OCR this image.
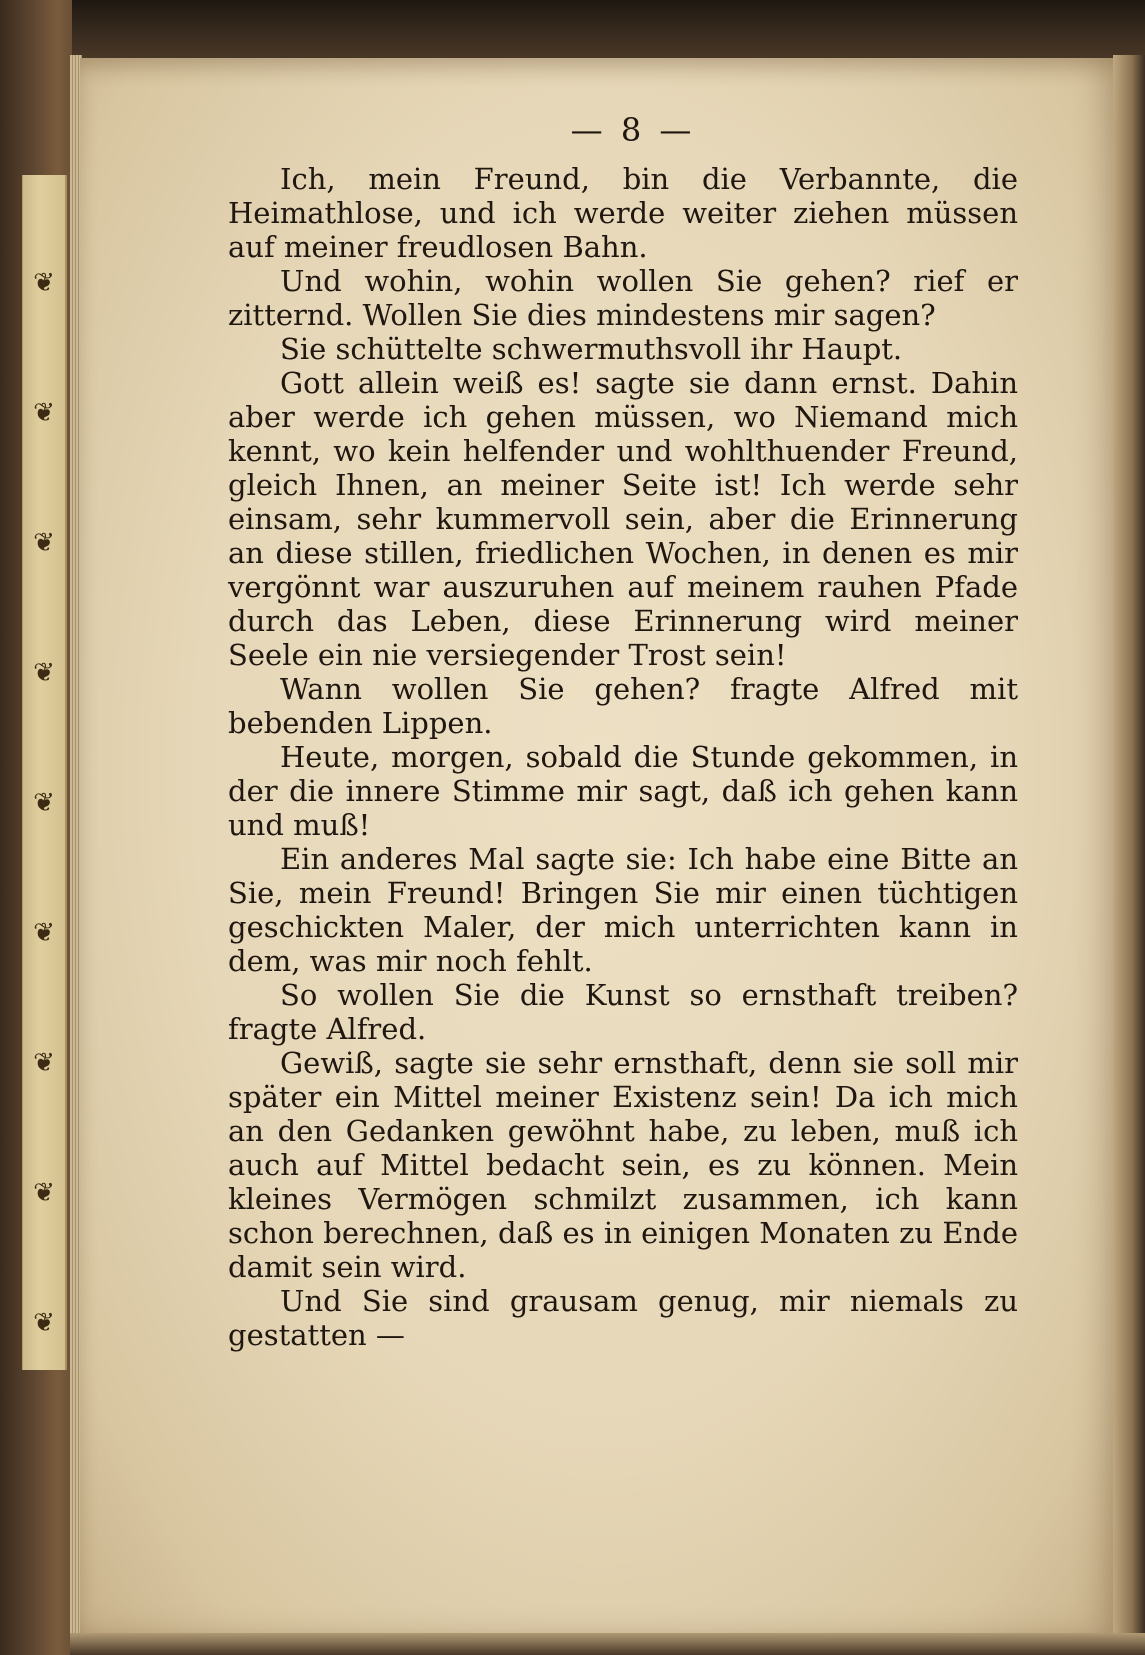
❦
❦
❦
❦
❦
❦
❦
❦
❦
— 8 —

Ich, mein Freund, bin die Verbannte, die Heimathlose, und ich werde weiter ziehen müssen auf meiner freudlosen Bahn.

Und wohin, wohin wollen Sie gehen? rief er zitternd. Wollen Sie dies mindestens mir sagen?

Sie schüttelte schwermuthsvoll ihr Haupt.

Gott allein weiß es! sagte sie dann ernst. Dahin aber werde ich gehen müssen, wo Niemand mich kennt, wo kein helfender und wohlthuender Freund, gleich Ihnen, an meiner Seite ist! Ich werde sehr einsam, sehr kummervoll sein, aber die Erinnerung an diese stillen, friedlichen Wochen, in denen es mir vergönnt war auszuruhen auf meinem rauhen Pfade durch das Leben, diese Erinnerung wird meiner Seele ein nie versiegender Trost sein!

Wann wollen Sie gehen? fragte Alfred mit bebenden Lippen.

Heute, morgen, sobald die Stunde gekommen, in der die innere Stimme mir sagt, daß ich gehen kann und muß!

Ein anderes Mal sagte sie: Ich habe eine Bitte an Sie, mein Freund! Bringen Sie mir einen tüchtigen geschickten Maler, der mich unterrichten kann in dem, was mir noch fehlt.

So wollen Sie die Kunst so ernsthaft treiben? fragte Alfred.

Gewiß, sagte sie sehr ernsthaft, denn sie soll mir später ein Mittel meiner Existenz sein! Da ich mich an den Gedanken gewöhnt habe, zu leben, muß ich auch auf Mittel bedacht sein, es zu können. Mein kleines Vermögen schmilzt zusammen, ich kann schon berechnen, daß es in einigen Monaten zu Ende damit sein wird.

Und Sie sind grausam genug, mir niemals zu gestatten —
